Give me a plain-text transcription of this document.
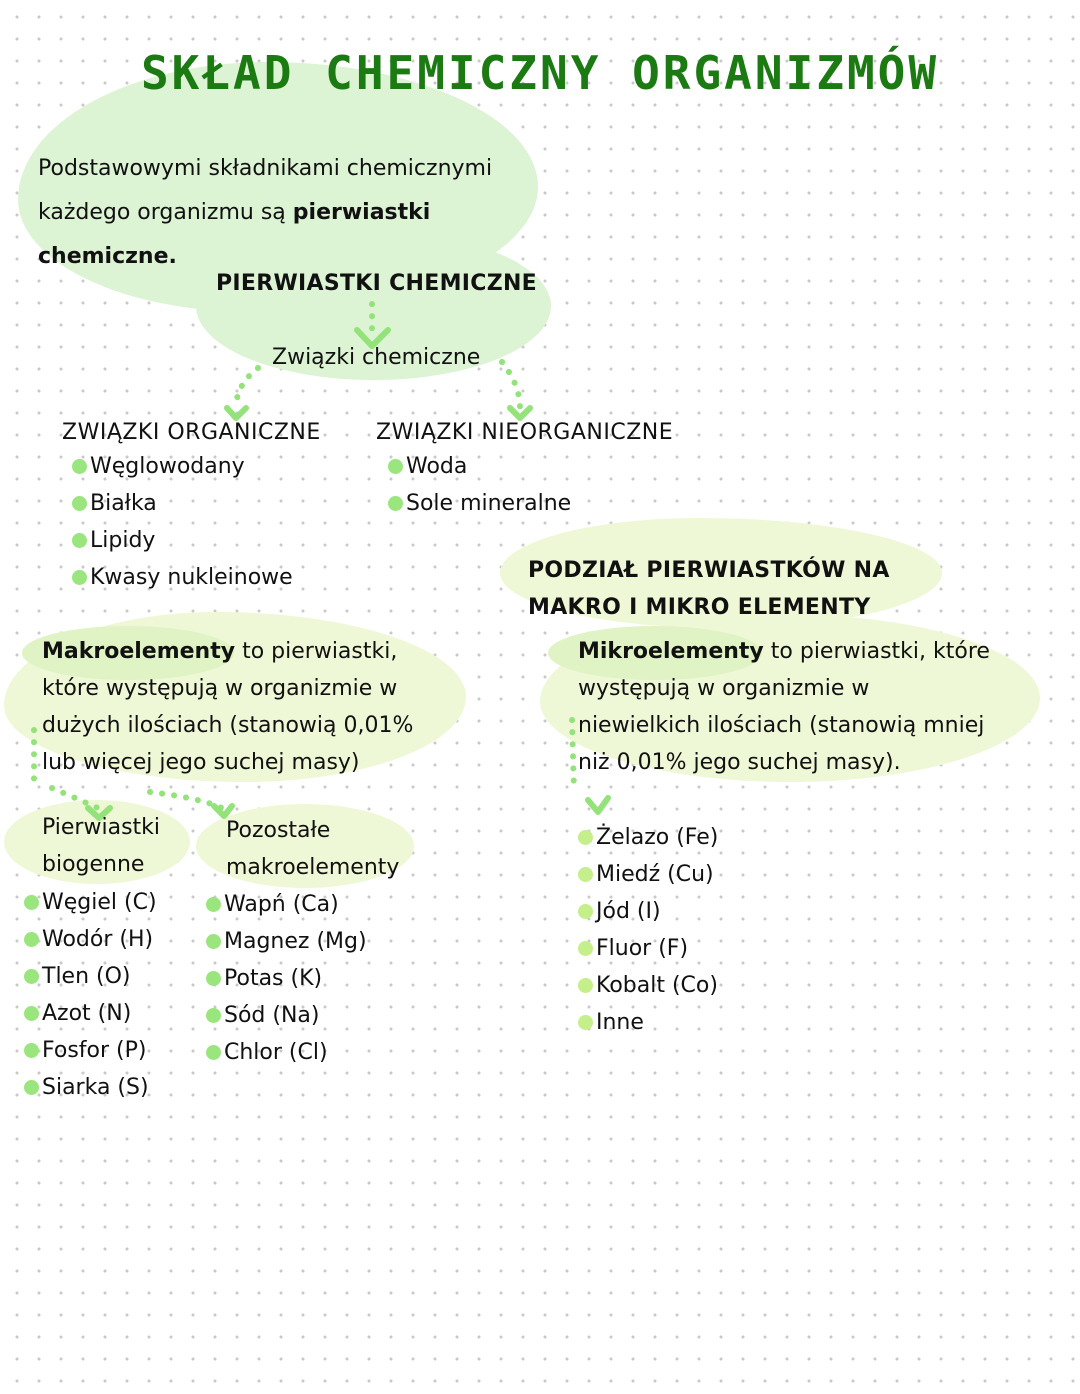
SKŁAD CHEMICZNY ORGANIZMÓW
Podstawowymi składnikami chemicznymi
każdego organizmu są pierwiastki
chemiczne.
PIERWIASTKI CHEMICZNE
Związki chemiczne
ZWIĄZKI ORGANICZNE
Węglowodany
Białka
Lipidy
Kwasy nukleinowe
ZWIĄZKI NIEORGANICZNE
Woda
Sole mineralne
PODZIAŁ PIERWIASTKÓW NA
MAKRO I MIKRO ELEMENTY
Makroelementy to pierwiastki,
które występują w organizmie w
dużych ilościach (stanowią 0,01%
lub więcej jego suchej masy)
Mikroelementy to pierwiastki, które
występują w organizmie w
niewielkich ilościach (stanowią mniej
niż 0,01% jego suchej masy).
Pierwiastki
biogenne
Węgiel (C)
Wodór (H)
Tlen (O)
Azot (N)
Fosfor (P)
Siarka (S)
Pozostałe
makroelementy
Wapń (Ca)
Magnez (Mg)
Potas (K)
Sód (Na)
Chlor (Cl)
Żelazo (Fe)
Miedź (Cu)
Jód (I)
Fluor (F)
Kobalt (Co)
Inne
